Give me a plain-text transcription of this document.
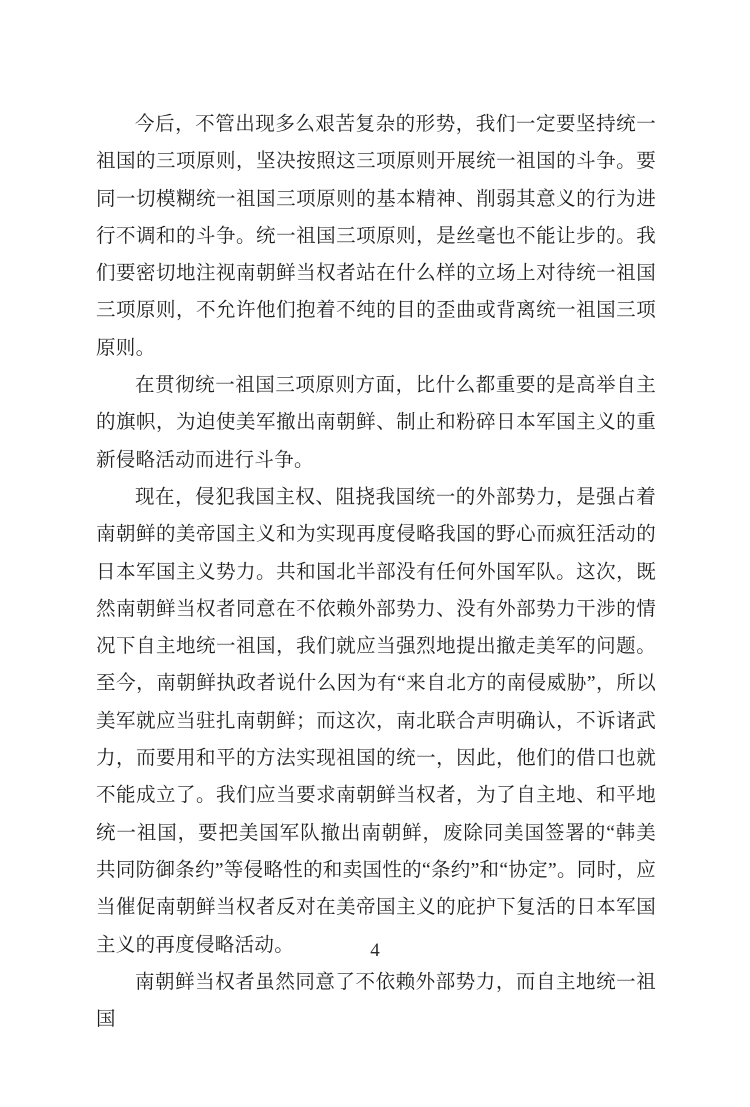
今后，不管出现多么艰苦复杂的形势，我们一定要坚持统一祖国的三项原则，坚决按照这三项原则开展统一祖国的斗争。要同一切模糊统一祖国三项原则的基本精神、削弱其意义的行为进行不调和的斗争。统一祖国三项原则，是丝毫也不能让步的。我们要密切地注视南朝鲜当权者站在什么样的立场上对待统一祖国三项原则，不允许他们抱着不纯的目的歪曲或背离统一祖国三项原则。

在贯彻统一祖国三项原则方面，比什么都重要的是高举自主的旗帜，为迫使美军撤出南朝鲜、制止和粉碎日本军国主义的重新侵略活动而进行斗争。

现在，侵犯我国主权、阻挠我国统一的外部势力，是强占着南朝鲜的美帝国主义和为实现再度侵略我国的野心而疯狂活动的日本军国主义势力。共和国北半部没有任何外国军队。这次，既然南朝鲜当权者同意在不依赖外部势力、没有外部势力干涉的情况下自主地统一祖国，我们就应当强烈地提出撤走美军的问题。至今，南朝鲜执政者说什么因为有“来自北方的南侵威胁”，所以美军就应当驻扎南朝鲜；而这次，南北联合声明确认，不诉诸武力，而要用和平的方法实现祖国的统一，因此，他们的借口也就不能成立了。我们应当要求南朝鲜当权者，为了自主地、和平地统一祖国，要把美国军队撤出南朝鲜，废除同美国签署的“韩美共同防御条约”等侵略性的和卖国性的“条约”和“协定”。同时，应当催促南朝鲜当权者反对在美帝国主义的庇护下复活的日本军国主义的再度侵略活动。

南朝鲜当权者虽然同意了不依赖外部势力，而自主地统一祖国

4
